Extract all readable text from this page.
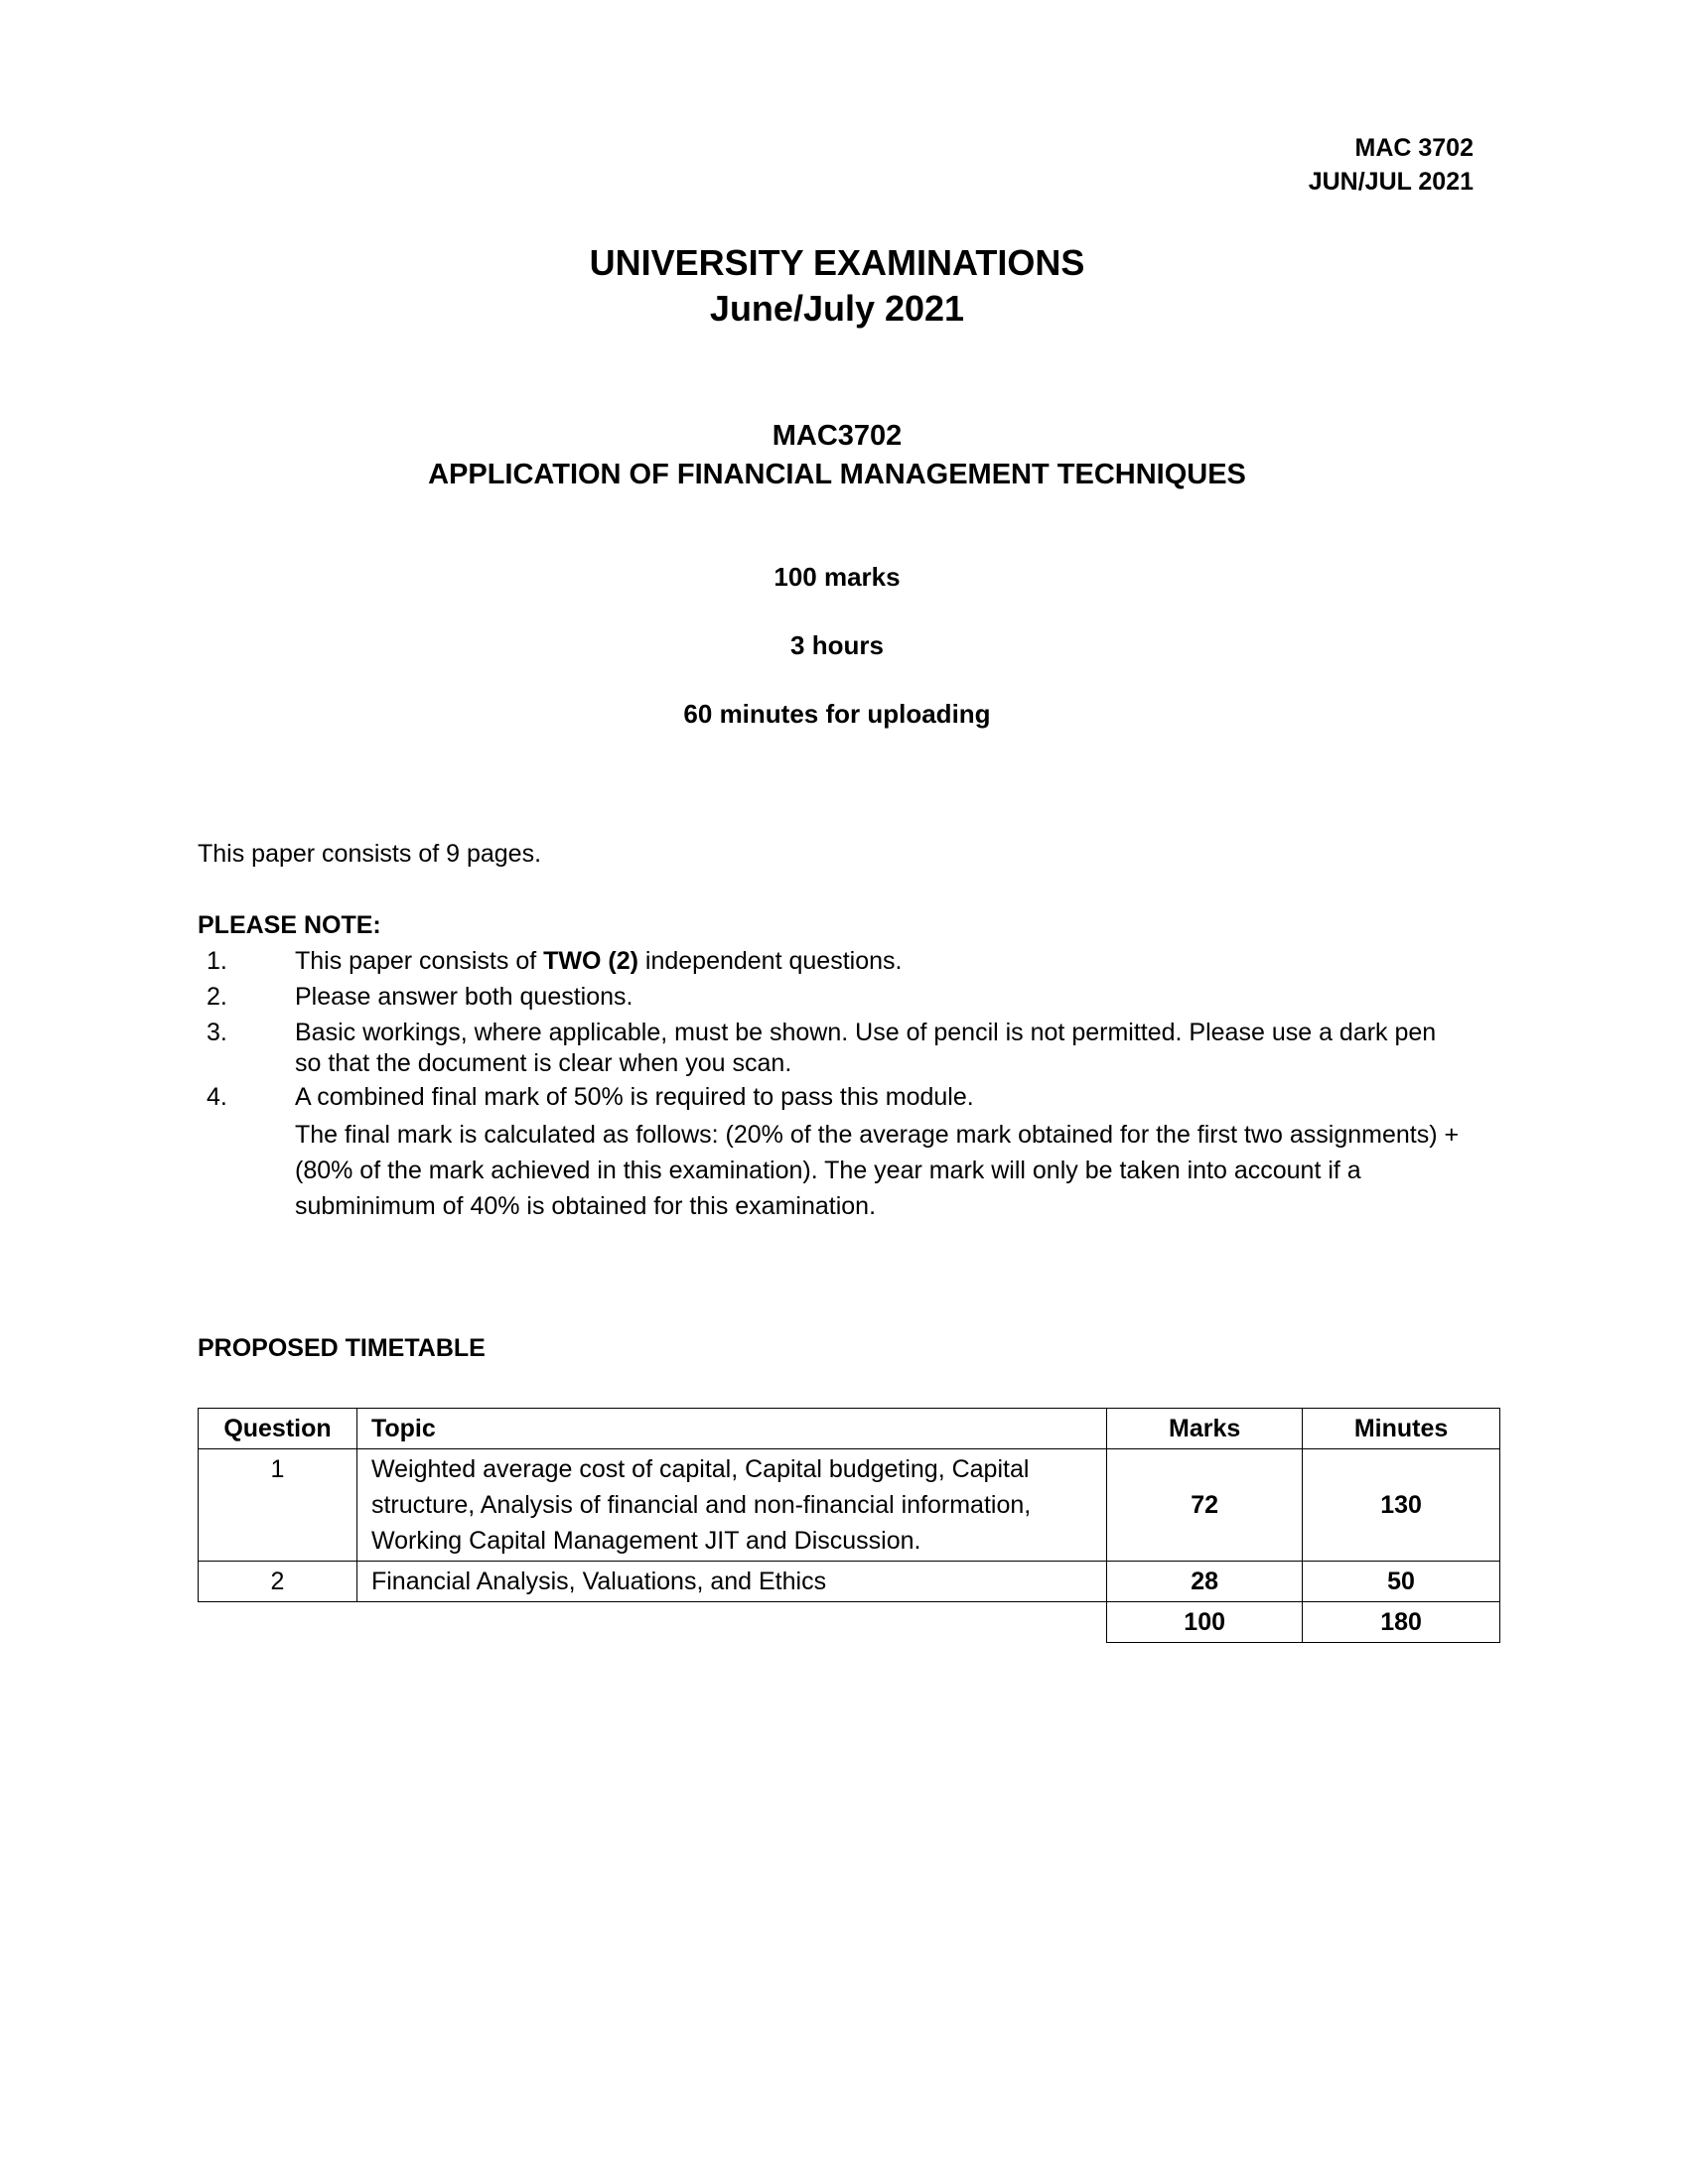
MAC 3702
JUN/JUL 2021
UNIVERSITY EXAMINATIONS
June/July 2021
MAC3702
APPLICATION OF FINANCIAL MANAGEMENT TECHNIQUES
100 marks
3 hours
60 minutes for uploading
This paper consists of 9 pages.
PLEASE NOTE:
1.	This paper consists of TWO (2) independent questions.
2.	Please answer both questions.
3.	Basic workings, where applicable, must be shown. Use of pencil is not permitted. Please use a dark pen so that the document is clear when you scan.
4.	A combined final mark of 50% is required to pass this module.
The final mark is calculated as follows: (20% of the average mark obtained for the first two assignments) + (80% of the mark achieved in this examination). The year mark will only be taken into account if a subminimum of 40% is obtained for this examination.
PROPOSED TIMETABLE
Question	Topic	Marks	Minutes
1	Weighted average cost of capital, Capital budgeting, Capital structure, Analysis of financial and non-financial information, Working Capital Management JIT and Discussion.	72	130
2	Financial Analysis, Valuations, and Ethics	28	50
		100	180
